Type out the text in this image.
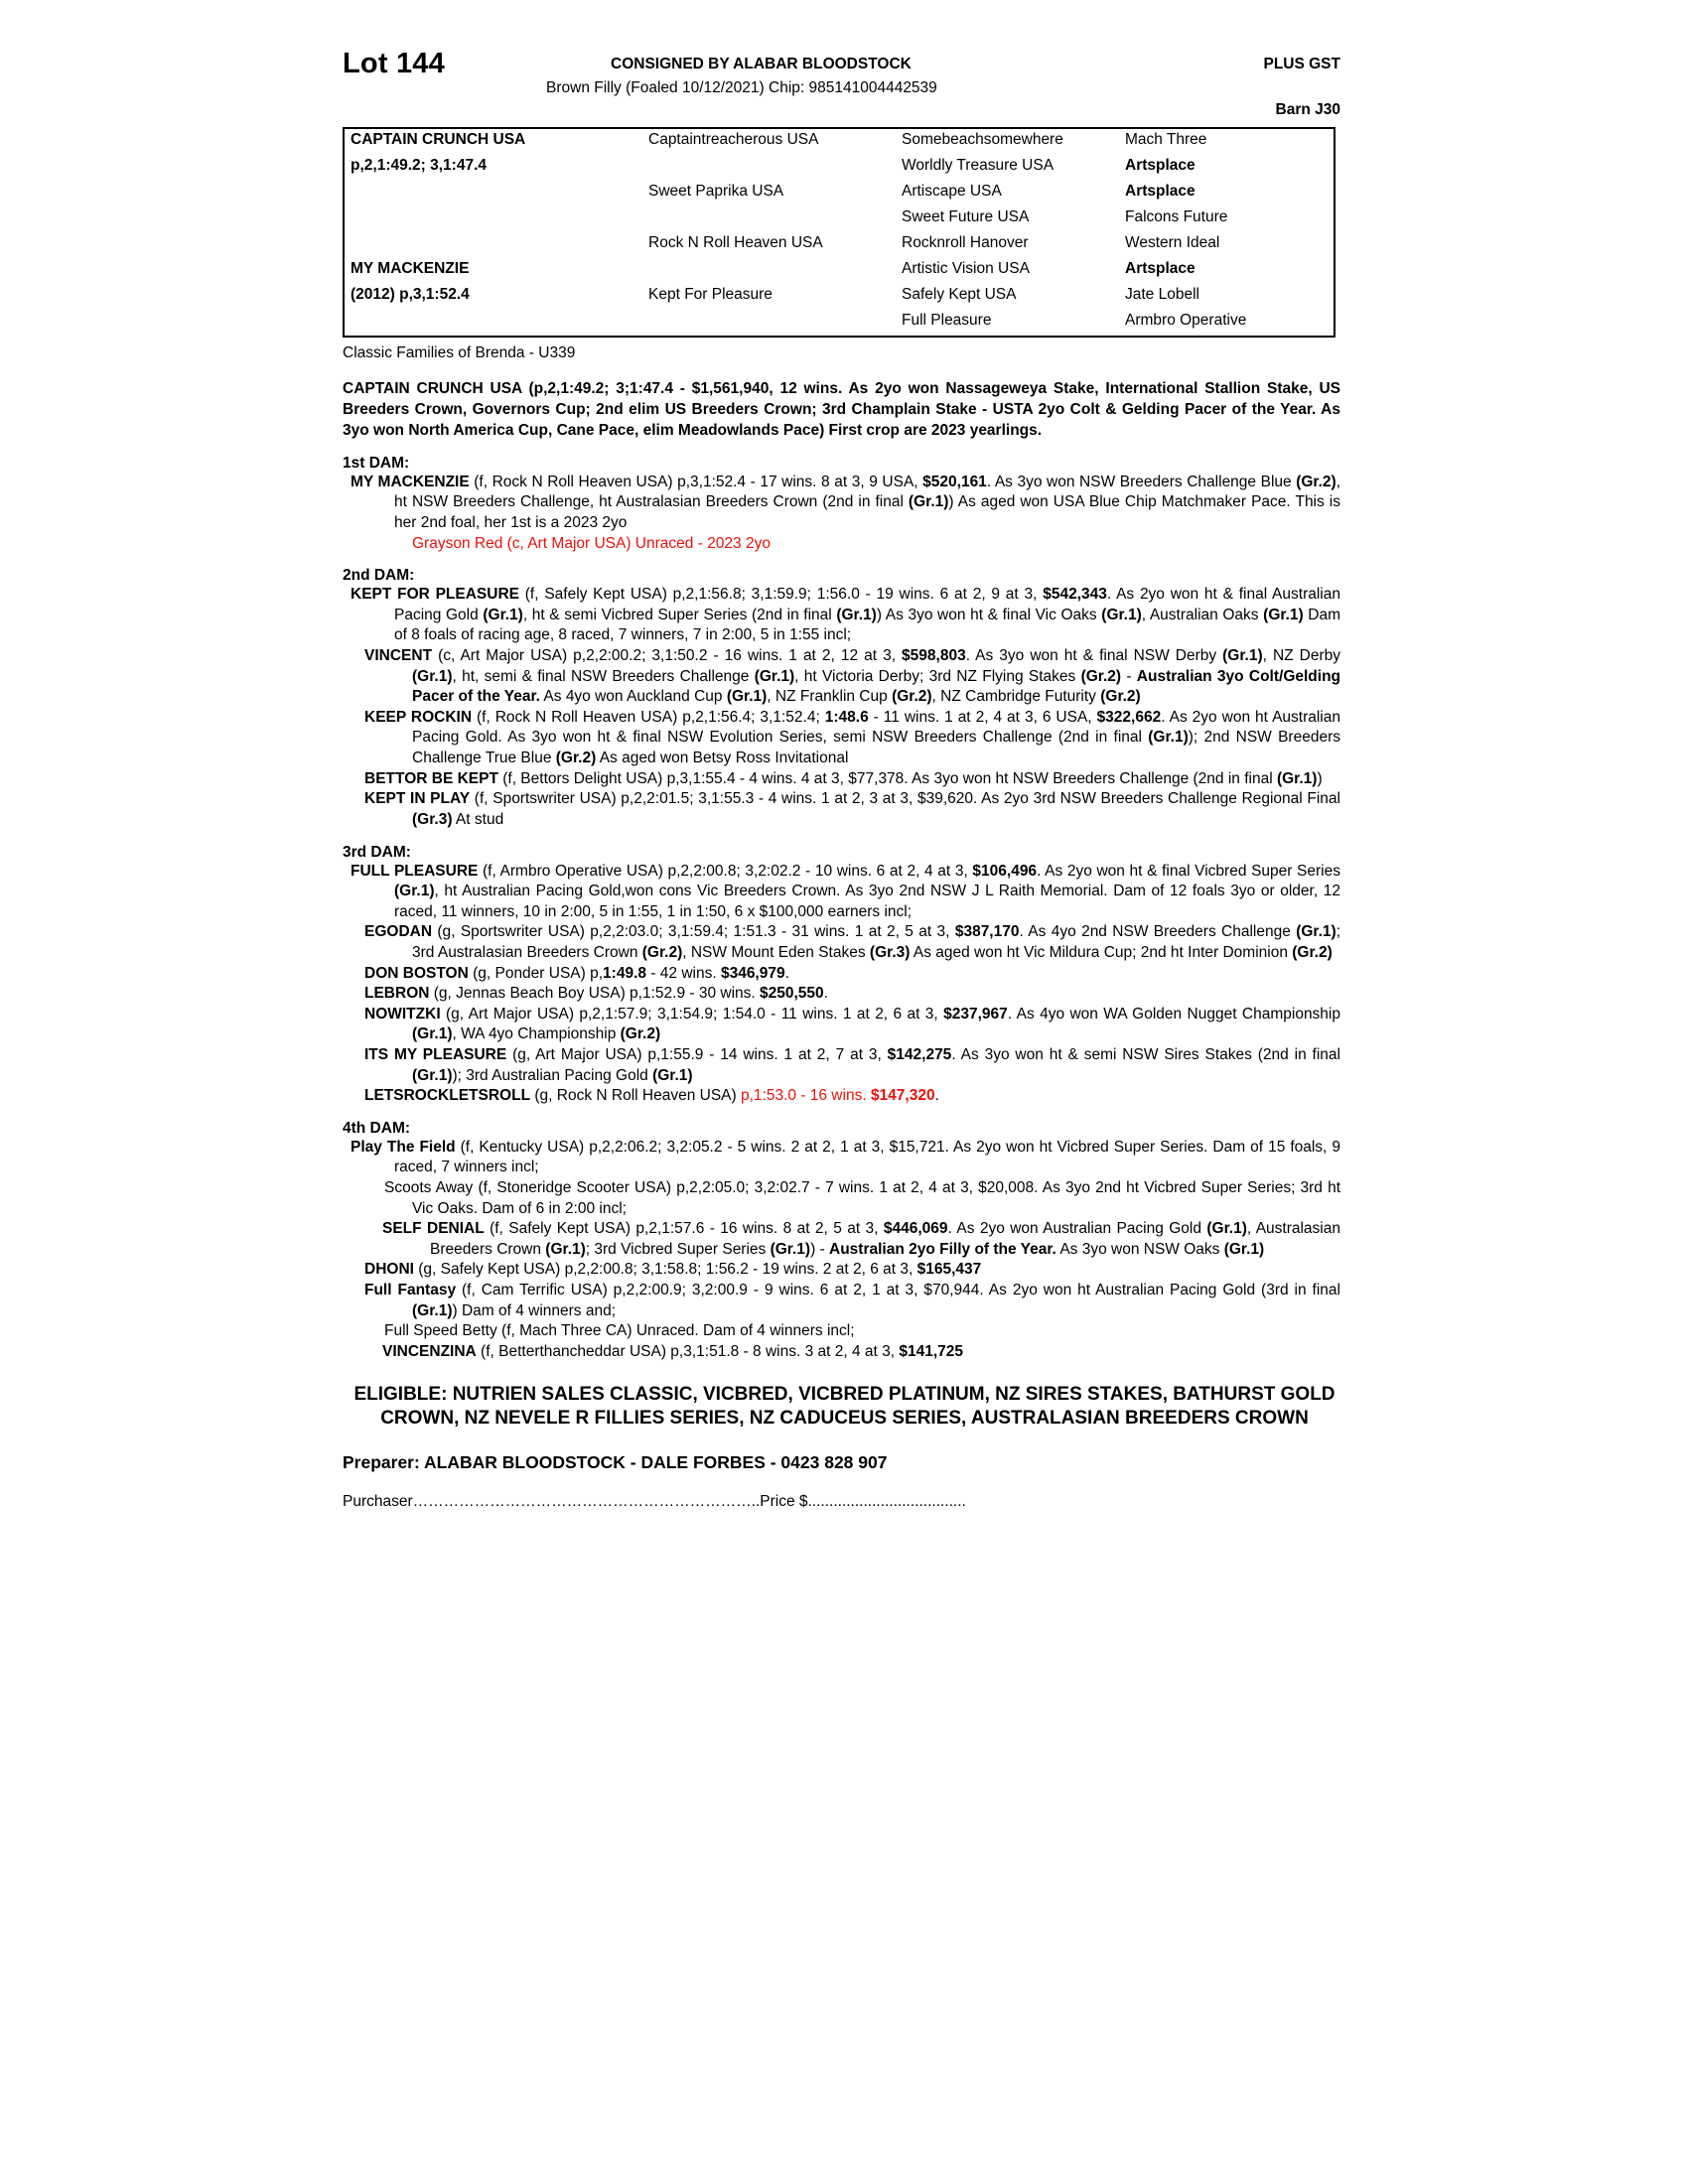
Lot 144	CONSIGNED BY ALABAR BLOODSTOCK	PLUS GST
Brown Filly (Foaled 10/12/2021) Chip: 985141004442539
Barn J30
CAPTAIN CRUNCH USA	Captaintreacherous USA	Somebeachsomewhere	Mach Three
p,2,1:49.2; 3,1:47.4		Worldly Treasure USA	Artsplace
	Sweet Paprika USA	Artiscape USA	Artsplace
		Sweet Future USA	Falcons Future
	Rock N Roll Heaven USA	Rocknroll Hanover	Western Ideal
MY MACKENZIE		Artistic Vision USA	Artsplace
(2012) p,3,1:52.4	Kept For Pleasure	Safely Kept USA	Jate Lobell
		Full Pleasure	Armbro Operative
Classic Families of Brenda - U339
CAPTAIN CRUNCH USA (p,2,1:49.2; 3;1:47.4 - $1,561,940, 12 wins. As 2yo won Nassageweya Stake, International Stallion Stake, US Breeders Crown, Governors Cup; 2nd elim US Breeders Crown; 3rd Champlain Stake - USTA 2yo Colt & Gelding Pacer of the Year. As 3yo won North America Cup, Cane Pace, elim Meadowlands Pace) First crop are 2023 yearlings.
1st DAM:

MY MACKENZIE (f, Rock N Roll Heaven USA) p,3,1:52.4 - 17 wins. 8 at 3, 9 USA, $520,161. As 3yo won NSW Breeders Challenge Blue (Gr.2), ht NSW Breeders Challenge, ht Australasian Breeders Crown (2nd in final (Gr.1)) As aged won USA Blue Chip Matchmaker Pace. This is her 2nd foal, her 1st is a 2023 2yo

Grayson Red (c, Art Major USA) Unraced - 2023 2yo

2nd DAM:

KEPT FOR PLEASURE (f, Safely Kept USA) p,2,1:56.8; 3,1:59.9; 1:56.0 - 19 wins. 6 at 2, 9 at 3, $542,343. As 2yo won ht & final Australian Pacing Gold (Gr.1), ht & semi Vicbred Super Series (2nd in final (Gr.1)) As 3yo won ht & final Vic Oaks (Gr.1), Australian Oaks (Gr.1) Dam of 8 foals of racing age, 8 raced, 7 winners, 7 in 2:00, 5 in 1:55 incl;

VINCENT (c, Art Major USA) p,2,2:00.2; 3,1:50.2 - 16 wins. 1 at 2, 12 at 3, $598,803. As 3yo won ht & final NSW Derby (Gr.1), NZ Derby (Gr.1), ht, semi & final NSW Breeders Challenge (Gr.1), ht Victoria Derby; 3rd NZ Flying Stakes (Gr.2) - Australian 3yo Colt/Gelding Pacer of the Year. As 4yo won Auckland Cup (Gr.1), NZ Franklin Cup (Gr.2), NZ Cambridge Futurity (Gr.2)

KEEP ROCKIN (f, Rock N Roll Heaven USA) p,2,1:56.4; 3,1:52.4; 1:48.6 - 11 wins. 1 at 2, 4 at 3, 6 USA, $322,662. As 2yo won ht Australian Pacing Gold. As 3yo won ht & final NSW Evolution Series, semi NSW Breeders Challenge (2nd in final (Gr.1)); 2nd NSW Breeders Challenge True Blue (Gr.2) As aged won Betsy Ross Invitational

BETTOR BE KEPT (f, Bettors Delight USA) p,3,1:55.4 - 4 wins. 4 at 3, $77,378. As 3yo won ht NSW Breeders Challenge (2nd in final (Gr.1))

KEPT IN PLAY (f, Sportswriter USA) p,2,2:01.5; 3,1:55.3 - 4 wins. 1 at 2, 3 at 3, $39,620. As 2yo 3rd NSW Breeders Challenge Regional Final (Gr.3) At stud

3rd DAM:

FULL PLEASURE (f, Armbro Operative USA) p,2,2:00.8; 3,2:02.2 - 10 wins. 6 at 2, 4 at 3, $106,496. As 2yo won ht & final Vicbred Super Series (Gr.1), ht Australian Pacing Gold,won cons Vic Breeders Crown. As 3yo 2nd NSW J L Raith Memorial. Dam of 12 foals 3yo or older, 12 raced, 11 winners, 10 in 2:00, 5 in 1:55, 1 in 1:50, 6 x $100,000 earners incl;

EGODAN (g, Sportswriter USA) p,2,2:03.0; 3,1:59.4; 1:51.3 - 31 wins. 1 at 2, 5 at 3, $387,170. As 4yo 2nd NSW Breeders Challenge (Gr.1); 3rd Australasian Breeders Crown (Gr.2), NSW Mount Eden Stakes (Gr.3) As aged won ht Vic Mildura Cup; 2nd ht Inter Dominion (Gr.2)

DON BOSTON (g, Ponder USA) p,1:49.8 - 42 wins. $346,979.

LEBRON (g, Jennas Beach Boy USA) p,1:52.9 - 30 wins. $250,550.

NOWITZKI (g, Art Major USA) p,2,1:57.9; 3,1:54.9; 1:54.0 - 11 wins. 1 at 2, 6 at 3, $237,967. As 4yo won WA Golden Nugget Championship (Gr.1), WA 4yo Championship (Gr.2)

ITS MY PLEASURE (g, Art Major USA) p,1:55.9 - 14 wins. 1 at 2, 7 at 3, $142,275. As 3yo won ht & semi NSW Sires Stakes (2nd in final (Gr.1)); 3rd Australian Pacing Gold (Gr.1)

LETSROCKLETSROLL (g, Rock N Roll Heaven USA) p,1:53.0 - 16 wins. $147,320.

4th DAM:

Play The Field (f, Kentucky USA) p,2,2:06.2; 3,2:05.2 - 5 wins. 2 at 2, 1 at 3, $15,721. As 2yo won ht Vicbred Super Series. Dam of 15 foals, 9 raced, 7 winners incl;

Scoots Away (f, Stoneridge Scooter USA) p,2,2:05.0; 3,2:02.7 - 7 wins. 1 at 2, 4 at 3, $20,008. As 3yo 2nd ht Vicbred Super Series; 3rd ht Vic Oaks. Dam of 6 in 2:00 incl;

SELF DENIAL (f, Safely Kept USA) p,2,1:57.6 - 16 wins. 8 at 2, 5 at 3, $446,069. As 2yo won Australian Pacing Gold (Gr.1), Australasian Breeders Crown (Gr.1); 3rd Vicbred Super Series (Gr.1)) - Australian 2yo Filly of the Year. As 3yo won NSW Oaks (Gr.1)

DHONI (g, Safely Kept USA) p,2,2:00.8; 3,1:58.8; 1:56.2 - 19 wins. 2 at 2, 6 at 3, $165,437

Full Fantasy (f, Cam Terrific USA) p,2,2:00.9; 3,2:00.9 - 9 wins. 6 at 2, 1 at 3, $70,944. As 2yo won ht Australian Pacing Gold (3rd in final (Gr.1)) Dam of 4 winners and;

Full Speed Betty (f, Mach Three CA) Unraced. Dam of 4 winners incl;

VINCENZINA (f, Betterthancheddar USA) p,3,1:51.8 - 8 wins. 3 at 2, 4 at 3, $141,725

ELIGIBLE: NUTRIEN SALES CLASSIC, VICBRED, VICBRED PLATINUM, NZ SIRES STAKES, BATHURST GOLD CROWN, NZ NEVELE R FILLIES SERIES, NZ CADUCEUS SERIES, AUSTRALASIAN BREEDERS CROWN
Preparer: ALABAR BLOODSTOCK - DALE FORBES - 0423 828 907
Purchaser…………………………………………………………..Price $.....................................
